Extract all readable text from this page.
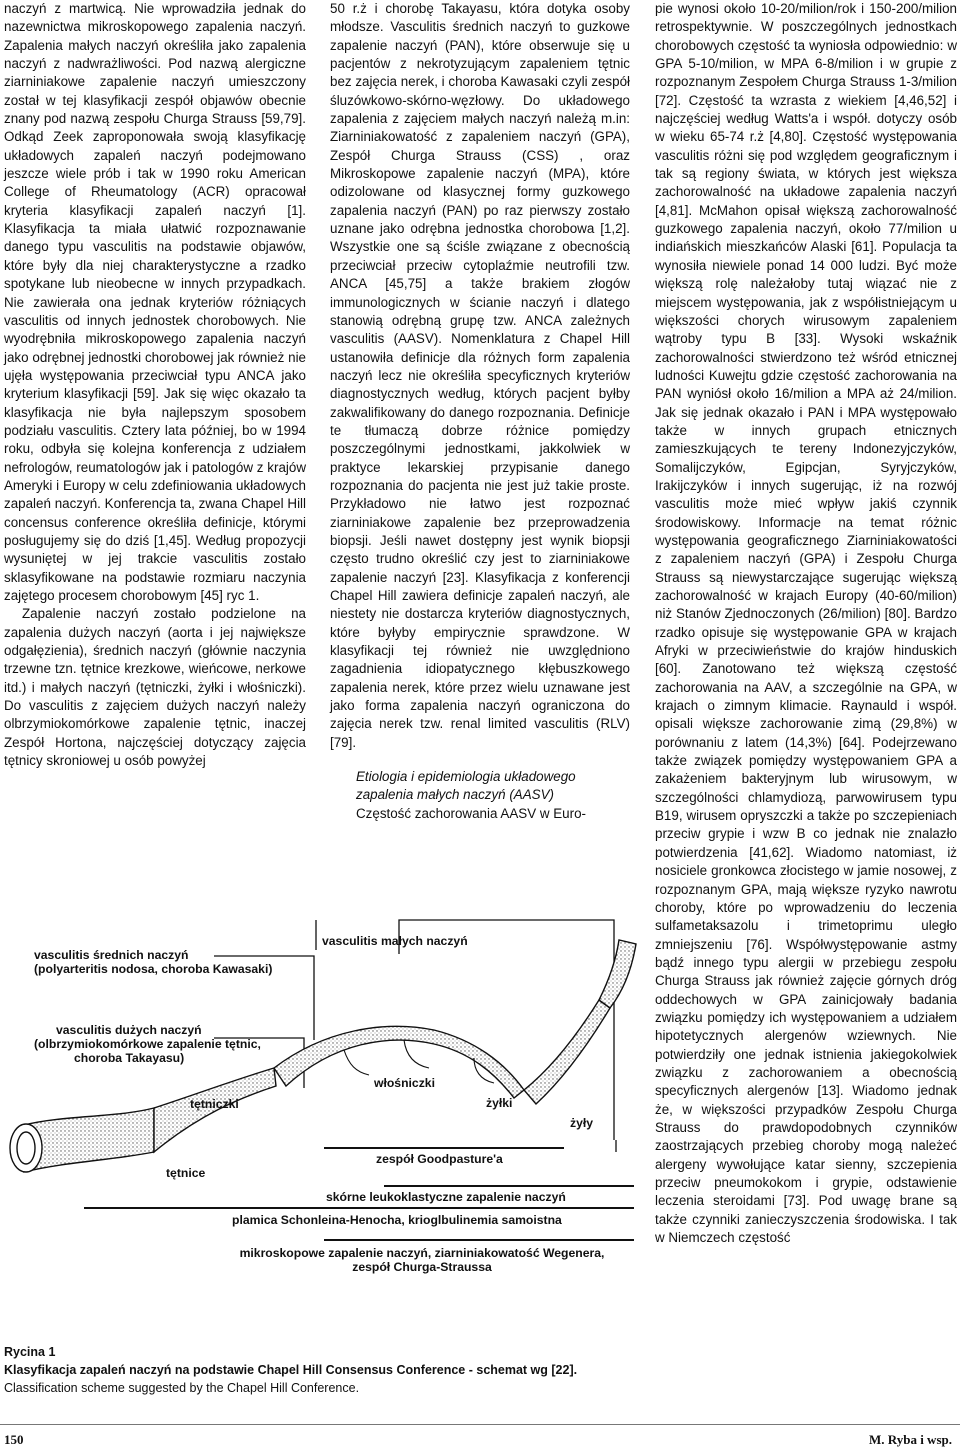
naczyń z martwicą. Nie wprowadziła jednak do nazewnictwa mikroskopowego zapalenia naczyń. Zapalenia małych naczyń określiła jako zapalenia naczyń z nadwrażliwości. Pod nazwą alergiczne ziarniniakowe zapalenie naczyń umieszczony został w tej klasyfikacji zespół objawów obecnie znany pod nazwą zespołu Churga Strauss [59,79]. Odkąd Zeek zaproponowała swoją klasyfikację układowych zapaleń naczyń podejmowano jeszcze wiele prób i tak w 1990 roku American College of Rheumatology (ACR) opracował kryteria klasyfikacji zapaleń naczyń [1]. Klasyfikacja ta miała ułatwić rozpoznawanie danego typu vasculitis na podstawie objawów, które były dla niej charakterystyczne a rzadko spotykane lub nieobecne w innych przypadkach. Nie zawierała ona jednak kryteriów różniących vasculitis od innych jednostek chorobowych. Nie wyodrębniła mikroskopowego zapalenia naczyń jako odrębnej jednostki chorobowej jak również nie ujęła występowania przeciwciał typu ANCA jako kryterium klasyfikacji [59]. Jak się więc okazało ta klasyfikacja nie była najlepszym sposobem podziału vasculitis. Cztery lata później, bo w 1994 roku, odbyła się kolejna konferencja z udziałem nefrologów, reumatologów jak i patologów z krajów Ameryki i Europy w celu zdefiniowania układowych zapaleń naczyń. Konferencja ta, zwana Chapel Hill concensus conference określiła definicje, którymi posługujemy się do dziś [1,45]. Według propozycji wysuniętej w jej trakcie vasculitis zostało sklasyfikowane na podstawie rozmiaru naczynia zajętego procesem chorobowym [45] ryc 1.

Zapalenie naczyń zostało podzielone na zapalenia dużych naczyń (aorta i jej największe odgałęzienia), średnich naczyń (głównie naczynia trzewne tzn. tętnice krezkowe, wieńcowe, nerkowe itd.) i małych naczyń (tętniczki, żyłki i włośniczki). Do vasculitis z zajęciem dużych naczyń należy olbrzymiokomórkowe zapalenie tętnic, inaczej Zespół Hortona, najczęściej dotyczący zajęcia tętnicy skroniowej u osób powyżej

50 r.ż i chorobę Takayasu, która dotyka osoby młodsze. Vasculitis średnich naczyń to guzkowe zapalenie naczyń (PAN), które obserwuje się u pacjentów z nekrotyzującym zapaleniem tętnic bez zajęcia nerek, i choroba Kawasaki czyli zespół śluzówkowo-skórno-węzłowy. Do układowego zapalenia z zajęciem małych naczyń należą m.in: Ziarniniakowatość z zapaleniem naczyń (GPA), Zespół Churga Strauss (CSS) , oraz Mikroskopowe zapalenie naczyń (MPA), które odizolowane od klasycznej formy guzkowego zapalenia naczyń (PAN) po raz pierwszy zostało uznane jako odrębna jednostka chorobowa [1,2]. Wszystkie one są ściśle związane z obecnością przeciwciał przeciw cytoplaźmie neutrofili tzw. ANCA [45,75] a także brakiem złogów immunologicznych w ścianie naczyń i dlatego stanowią odrębną grupę tzw. ANCA zależnych vasculitis (AASV). Nomenklatura z Chapel Hill ustanowiła definicje dla różnych form zapalenia naczyń lecz nie określiła specyficznych kryteriów diagnostycznych według, których pacjent byłby zakwalifikowany do danego rozpoznania. Definicje te tłumaczą dobrze różnice pomiędzy poszczególnymi jednostkami, jakkolwiek w praktyce lekarskiej przypisanie danego rozpoznania do pacjenta nie jest już takie proste. Przykładowo nie łatwo jest rozpoznać ziarniniakowe zapalenie bez przeprowadzenia biopsji. Jeśli nawet dostępny jest wynik biopsji często trudno określić czy jest to ziarniniakowe zapalenie naczyń [23]. Klasyfikacja z konferencji Chapel Hill zawiera definicje zapaleń naczyń, ale niestety nie dostarcza kryteriów diagnostycznych, które byłyby empirycznie sprawdzone. W klasyfikacji tej również nie uwzględniono zagadnienia idiopatycznego kłębuszkowego zapalenia nerek, które przez wielu uznawane jest jako forma zapalenia naczyń ograniczona do zajęcia nerek tzw. renal limited vasculitis (RLV) [79].

Etiologia i epidemiologia układowego zapalenia małych naczyń (AASV)

Częstość zachorowania AASV w Euro-

pie wynosi około 10-20/milion/rok i 150-200/milion retrospektywnie. W poszczególnych jednostkach chorobowych częstość ta wyniosła odpowiednio: w GPA 5-10/milion, w MPA 6-8/milion i w grupie z rozpoznanym Zespołem Churga Strauss 1-3/milion [72]. Częstość ta wzrasta z wiekiem [4,46,52] i najczęściej według Watts'a i współ. dotyczy osób w wieku 65-74 r.ż [4,80]. Częstość występowania vasculitis różni się pod względem geograficznym i tak są regiony świata, w których jest większa zachorowalność na układowe zapalenia naczyń [4,81]. McMahon opisał większą zachorowalność guzkowego zapalenia naczyń, około 77/milion u indiańskich mieszkańców Alaski [61]. Populacja ta wynosiła niewiele ponad 14 000 ludzi. Być może większą rolę należałoby tutaj wiązać nie z miejscem występowania, jak z współistniejącym u większości chorych wirusowym zapaleniem wątroby typu B [33]. Wysoki wskaźnik zachorowalności stwierdzono też wśród etnicznej ludności Kuwejtu gdzie częstość zachorowania na PAN wyniósł około 16/milion a MPA aż 24/milion. Jak się jednak okazało i PAN i MPA występowało także w innych grupach etnicznych zamieszkujących te tereny Indonezyjczyków, Somalijczyków, Egipcjan, Syryjczyków, Irakijczyków i innych sugerując, iż na rozwój vasculitis może mieć wpływ jakiś czynnik środowiskowy. Informacje na temat różnic występowania geograficznego Ziarniniakowatości z zapaleniem naczyń (GPA) i Zespołu Churga Strauss są niewystarczające sugerując większą zachorowalność w krajach Europy (40-60/milion) niż Stanów Zjednoczonych (26/milion) [80]. Bardzo rzadko opisuje się występowanie GPA w krajach Afryki w przeciwieństwie do krajów hinduskich [60]. Zanotowano też większą częstość zachorowania na AAV, a szczególnie na GPA, w krajach o zimnym klimacie. Raynauld i współ. opisali większe zachorowanie zimą (29,8%) w porównaniu z latem (14,3%) [64]. Podejrzewano także związek pomiędzy występowaniem GPA a zakażeniem bakteryjnym lub wirusowym, w szczególności chlamydiozą, parwowirusem typu B19, wirusem opryszczki a także po szczepieniach przeciw grypie i wzw B co jednak nie znalazło potwierdzenia [41,62]. Wiadomo natomiast, iż nosiciele gronkowca złocistego w jamie nosowej, z rozpoznanym GPA, mają większe ryzyko nawrotu choroby, które po wprowadzeniu do leczenia sulfametaksazolu i trimetoprimu uległo zmniejszeniu [76]. Współwystępowanie astmy bądź innego typu alergii w przebiegu zespołu Churga Strauss jak również zajęcie górnych dróg oddechowych w GPA zainicjowały badania związku pomiędzy ich występowaniem a udziałem hipotetycznych alergenów wziewnych. Nie potwierdziły one jednak istnienia jakiegokolwiek związku z zachorowaniem a obecnością specyficznych alergenów [13]. Wiadomo jednak że, w większości przypadków Zespołu Churga Strauss do prawdopodobnych czynników zaostrzających przebieg choroby mogą należeć alergeny wywołujące katar sienny, szczepienia przeciw pneumokokom i grypie, odstawienie leczenia steroidami [73]. Pod uwagę brane są także czynniki zanieczyszczenia środowiska. I tak w Niemczech częstość

vasculitis małych naczyń
vasculitis średnich naczyń
(polyarteritis nodosa, choroba Kawasaki)
vasculitis dużych naczyń
(olbrzymiokomórkowe zapalenie tętnic,
choroba Takayasu)
włośniczki
tętniczki	żyłki
żyły
tętnice
zespół Goodpasture'a
skórne leukoklastyczne zapalenie naczyń
plamica Schonleina-Henocha, krioglbulinemia samoistna
mikroskopowe zapalenie naczyń, ziarniniakowatość Wegenera,
zespół Churga-Straussa
Rycina 1
Klasyfikacja zapaleń naczyń na podstawie Chapel Hill Consensus Conference - schemat wg [22].
Classification scheme suggested by the Chapel Hill Conference.
150	M. Ryba i wsp.
